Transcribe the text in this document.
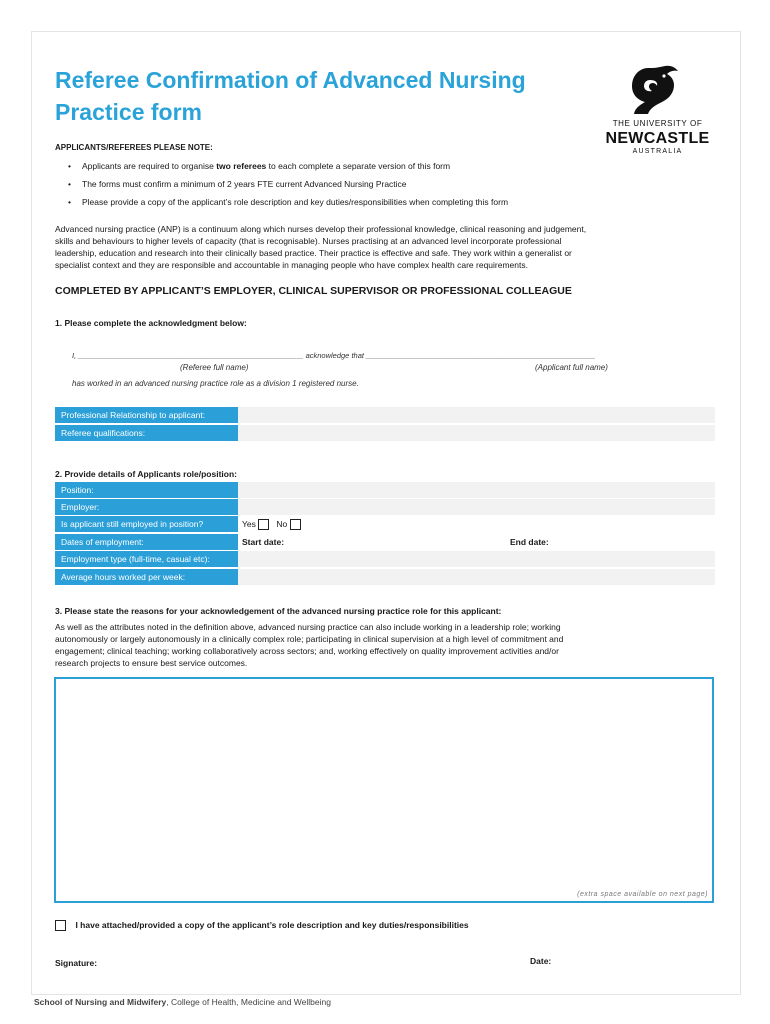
Referee Confirmation of Advanced Nursing
Practice form	THE UNIVERSITY OF
NEWCASTLE
AUSTRALIA
APPLICANTS/REFEREES PLEASE NOTE:
• Applicants are required to organise two referees to each complete a separate version of this form
• The forms must confirm a minimum of 2 years FTE current Advanced Nursing Practice
• Please provide a copy of the applicant’s role description and key duties/responsibilities when completing this form
Advanced nursing practice (ANP) is a continuum along which nurses develop their professional knowledge, clinical reasoning and judgement,
skills and behaviours to higher levels of capacity (that is recognisable). Nurses practising at an advanced level incorporate professional
leadership, education and research into their clinically based practice. Their practice is effective and safe. They work within a generalist or
specialist context and they are responsible and accountable in managing people who have complex health care requirements.
COMPLETED BY APPLICANT’S EMPLOYER, CLINICAL SUPERVISOR OR PROFESSIONAL COLLEAGUE
1. Please complete the acknowledgment below:
I, ______________________________________________________ acknowledge that _______________________________________________________
(Referee full name)	(Applicant full name)
has worked in an advanced nursing practice role as a division 1 registered nurse.
Professional Relationship to applicant:
Referee qualifications:
2. Provide details of Applicants role/position:
Position:
Employer:
Is applicant still employed in position?	Yes No
Dates of employment:	Start date:	End date:
Employment type (full-time, casual etc):
Average hours worked per week:
3. Please state the reasons for your acknowledgement of the advanced nursing practice role for this applicant:
As well as the attributes noted in the definition above, advanced nursing practice can also include working in a leadership role; working
autonomously or largely autonomously in a clinically complex role; participating in clinical supervision at a high level of commitment and
engagement; clinical teaching; working collaboratively across sectors; and, working effectively on quality improvement activities and/or
research projects to ensure best service outcomes.
(extra space available on next page)
I have attached/provided a copy of the applicant’s role description and key duties/responsibilities
Signature:	Date:
School of Nursing and Midwifery, College of Health, Medicine and Wellbeing
